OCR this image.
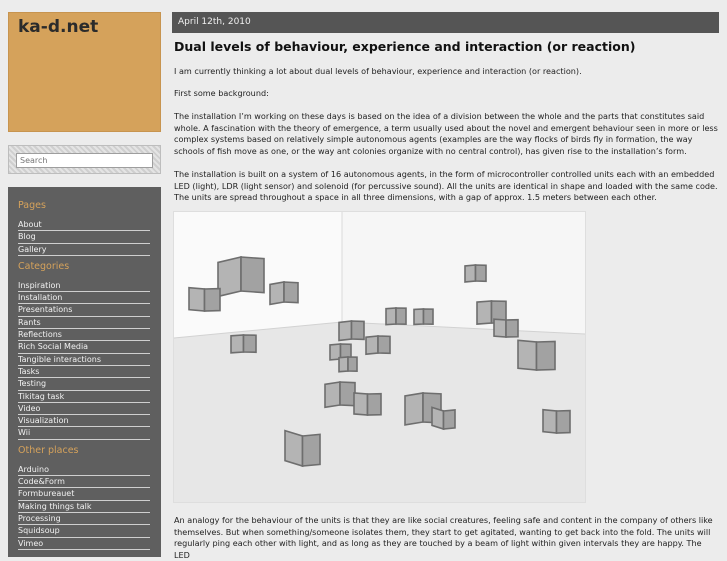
ka-d.net
Search
Pages
About
Blog
Gallery
Categories
Inspiration
Installation
Presentations
Rants
Reflections
Rich Social Media
Tangible interactions
Tasks
Testing
Tikitag task
Video
Visualization
Wii
Other places
Arduino
Code&Form
Formbureauet
Making things talk
Processing
Squidsoup
Vimeo
April 12th, 2010
Dual levels of behaviour, experience and interaction (or reaction)

I am currently thinking a lot about dual levels of behaviour, experience and interaction (or reaction).

First some background:

The installation I’m working on these days is based on the idea of a division between the whole and the parts that constitutes said whole. A fascination with the theory of emergence, a term usually used about the novel and emergent behaviour seen in more or less complex systems based on relatively simple autonomous agents (examples are the way flocks of birds fly in formation, the way schools of fish move as one, or the way ant colonies organize with no central control), has given rise to the installation’s form.

The installation is built on a system of 16 autonomous agents, in the form of microcontroller controlled units each with an embedded LED (light), LDR (light sensor) and solenoid (for percussive sound). All the units are identical in shape and loaded with the same code. The units are spread throughout a space in all three dimensions, with a gap of approx. 1.5 meters between each other.

An analogy for the behaviour of the units is that they are like social creatures, feeling safe and content in the company of others like themselves. But when something/someone isolates them, they start to get agitated, wanting to get back into the fold. The units will regularly ping each other with light, and as long as they are touched by a beam of light within given intervals they are happy. The LED
